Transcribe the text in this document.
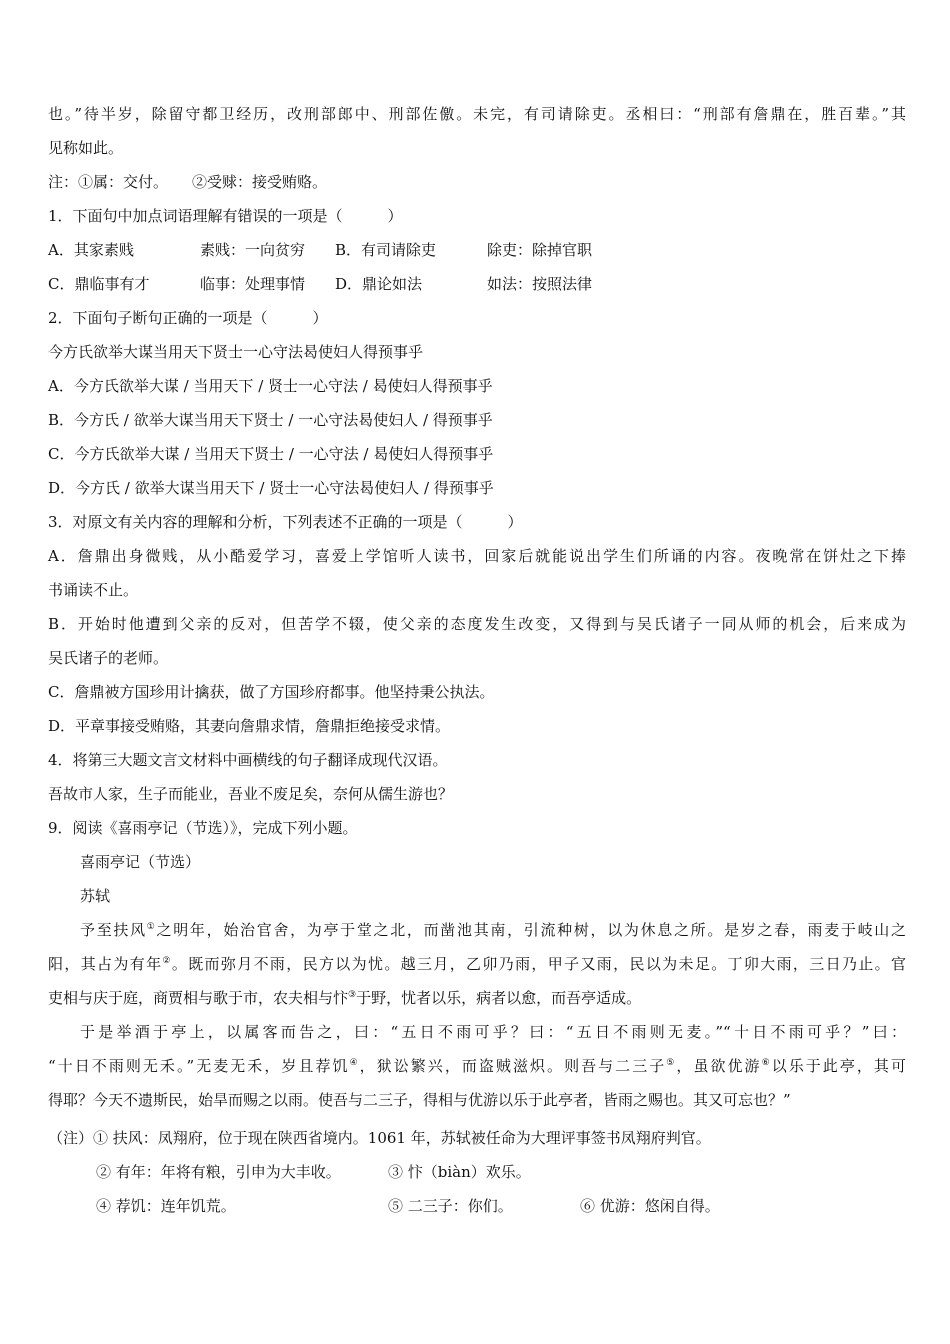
也。”待半岁，除留守都卫经历，改刑部郎中、刑部佐儌。未完，有司请除吏。丞相曰：“刑部有詹鼎在，胜百辈。”其

见称如此。

注：①属：交付。 ②受赇：接受贿赂。

1．下面句中加点词语理解有错误的一项是（　　　）

A．其家素贱	素贱：一向贫穷 B．有司请除吏	除吏：除掉官职

C．鼎临事有才	临事：处理事情 D．鼎论如法	如法：按照法律

2．下面句子断句正确的一项是（　　　）

今方氏欲举大谋当用天下贤士一心守法曷使妇人得预事乎

A．今方氏欲举大谋 / 当用天下 / 贤士一心守法 / 曷使妇人得预事乎

B．今方氏 / 欲举大谋当用天下贤士 / 一心守法曷使妇人 / 得预事乎

C．今方氏欲举大谋 / 当用天下贤士 / 一心守法 / 曷使妇人得预事乎

D．今方氏 / 欲举大谋当用天下 / 贤士一心守法曷使妇人 / 得预事乎

3．对原文有关内容的理解和分析，下列表述不正确的一项是（　　　）

A．詹鼎出身微贱，从小酷爱学习，喜爱上学馆听人读书，回家后就能说出学生们所诵的内容。夜晚常在饼灶之下捧

书诵读不止。

B．开始时他遭到父亲的反对，但苦学不辍，使父亲的态度发生改变，又得到与吴氏诸子一同从师的机会，后来成为

吴氏诸子的老师。

C．詹鼎被方国珍用计擒获，做了方国珍府都事。他坚持秉公执法。

D．平章事接受贿赂，其妻向詹鼎求情，詹鼎拒绝接受求情。

4．将第三大题文言文材料中画横线的句子翻译成现代汉语。

吾故市人家，生子而能业，吾业不废足矣，奈何从儒生游也？

9．阅读《喜雨亭记（节选）》，完成下列小题。

喜雨亭记（节选）

苏轼

予至扶风①之明年，始治官舍，为亭于堂之北，而凿池其南，引流种树，以为休息之所。是岁之春，雨麦于岐山之

阳，其占为有年②。既而弥月不雨，民方以为忧。越三月，乙卯乃雨，甲子又雨，民以为未足。丁卯大雨，三日乃止。官

吏相与庆于庭，商贾相与歌于市，农夫相与忭③于野，忧者以乐，病者以愈，而吾亭适成。

于是举酒于亭上，以属客而告之，曰：“五日不雨可乎？曰：“五日不雨则无麦。”“十日不雨可乎？”曰：

“十日不雨则无禾。”无麦无禾，岁且荐饥④，狱讼繁兴，而盗贼滋炽。则吾与二三子⑤，虽欲优游⑥以乐于此亭，其可

得耶？今天不遗斯民，始旱而赐之以雨。使吾与二三子，得相与优游以乐于此亭者，皆雨之赐也。其又可忘也？”

（注）① 扶风：凤翔府，位于现在陕西省境内。1061 年，苏轼被任命为大理评事签书凤翔府判官。

② 有年：年将有粮，引申为大丰收。	③ 忭（biàn）欢乐。

④ 荐饥：连年饥荒。	⑤ 二三子：你们。	⑥ 优游：悠闲自得。
